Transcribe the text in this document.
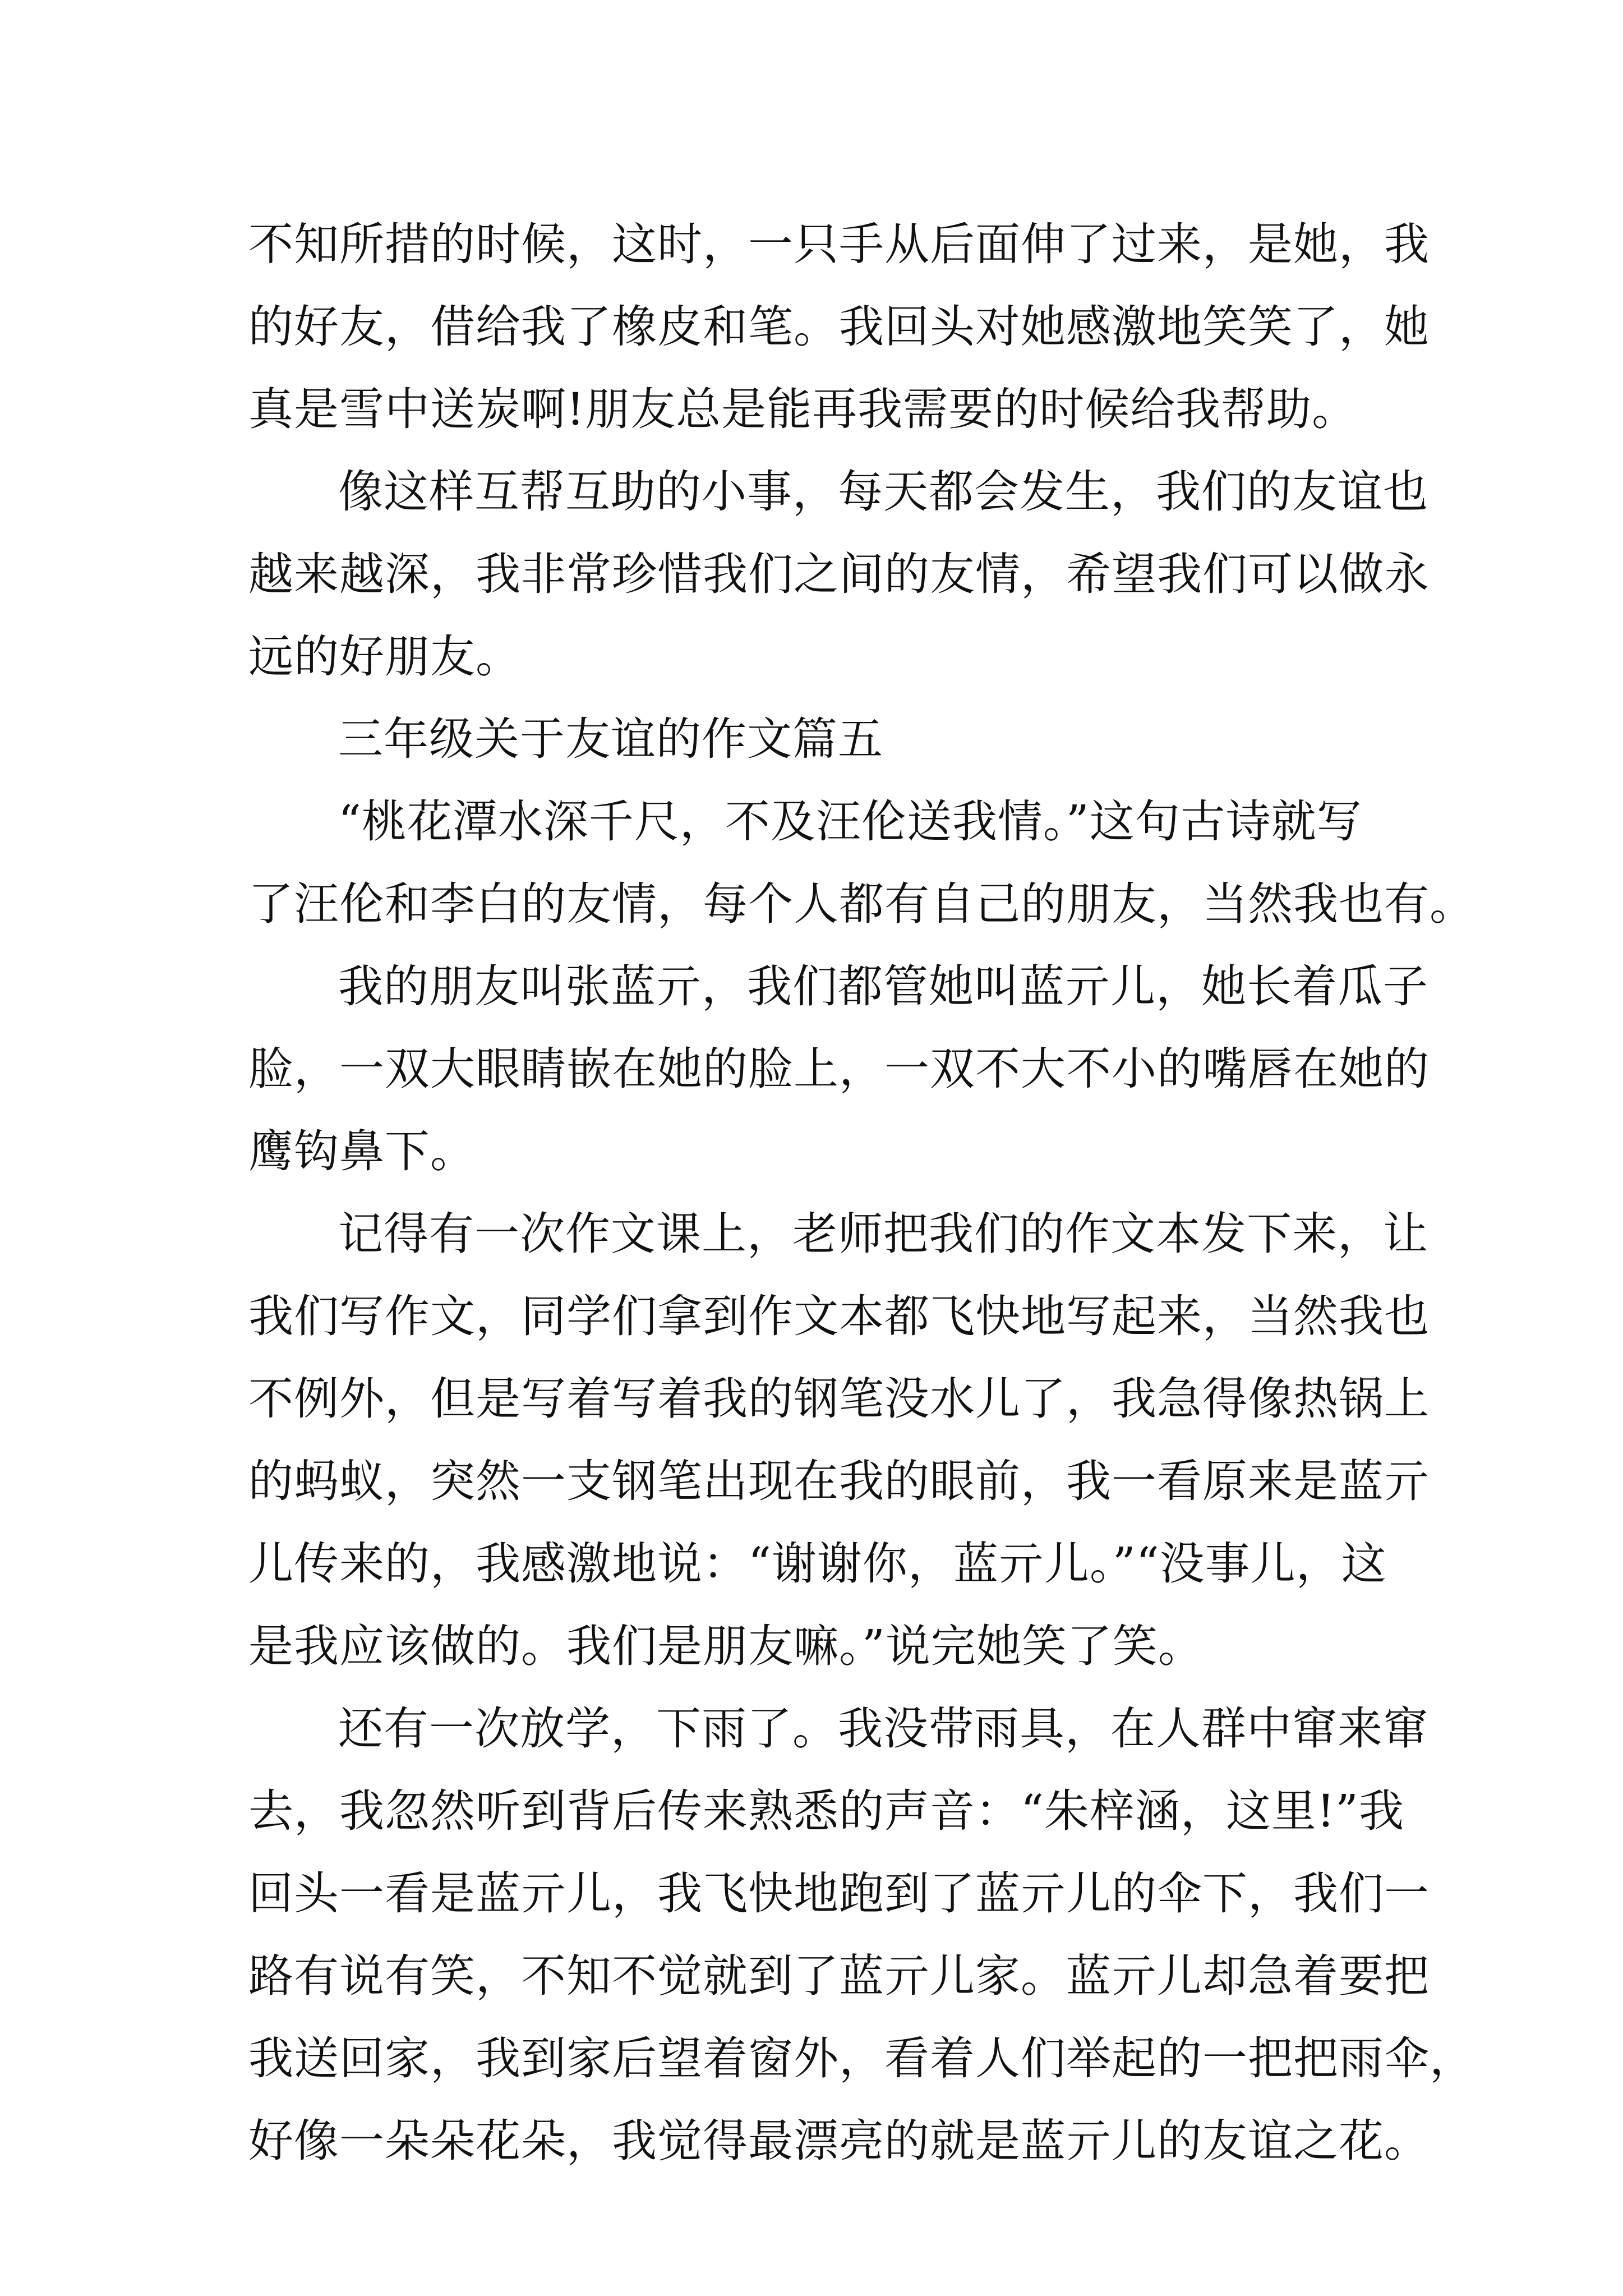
不知所措的时候，这时，一只手从后面伸了过来，是她，我
的好友，借给我了橡皮和笔。我回头对她感激地笑笑了，她
真是雪中送炭啊!朋友总是能再我需要的时候给我帮助。
像这样互帮互助的小事，每天都会发生，我们的友谊也
越来越深，我非常珍惜我们之间的友情，希望我们可以做永
远的好朋友。
三年级关于友谊的作文篇五
“桃花潭水深千尺，不及汪伦送我情。”这句古诗就写
了汪伦和李白的友情，每个人都有自己的朋友，当然我也有。
我的朋友叫张蓝亓，我们都管她叫蓝亓儿，她长着瓜子
脸，一双大眼睛嵌在她的脸上，一双不大不小的嘴唇在她的
鹰钩鼻下。
记得有一次作文课上，老师把我们的作文本发下来，让
我们写作文，同学们拿到作文本都飞快地写起来，当然我也
不例外，但是写着写着我的钢笔没水儿了，我急得像热锅上
的蚂蚁，突然一支钢笔出现在我的眼前，我一看原来是蓝亓
儿传来的，我感激地说：“谢谢你，蓝亓儿。”“没事儿，这
是我应该做的。我们是朋友嘛。”说完她笑了笑。
还有一次放学，下雨了。我没带雨具，在人群中窜来窜
去，我忽然听到背后传来熟悉的声音：“朱梓涵，这里!”我
回头一看是蓝亓儿，我飞快地跑到了蓝亓儿的伞下，我们一
路有说有笑，不知不觉就到了蓝亓儿家。蓝亓儿却急着要把
我送回家，我到家后望着窗外，看着人们举起的一把把雨伞，
好像一朵朵花朵，我觉得最漂亮的就是蓝亓儿的友谊之花。
